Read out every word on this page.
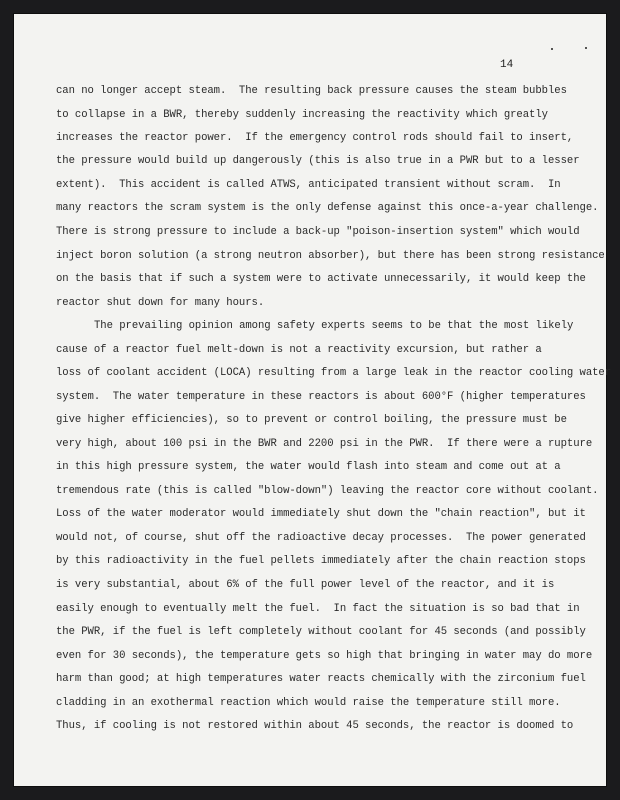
14
can no longer accept steam.  The resulting back pressure causes the steam bubbles
to collapse in a BWR, thereby suddenly increasing the reactivity which greatly
increases the reactor power.  If the emergency control rods should fail to insert,
the pressure would build up dangerously (this is also true in a PWR but to a lesser
extent).  This accident is called ATWS, anticipated transient without scram.  In
many reactors the scram system is the only defense against this once-a-year challenge.
There is strong pressure to include a back-up "poison-insertion system" which would
inject boron solution (a strong neutron absorber), but there has been strong resistance
on the basis that if such a system were to activate unnecessarily, it would keep the
reactor shut down for many hours.
The prevailing opinion among safety experts seems to be that the most likely
cause of a reactor fuel melt-down is not a reactivity excursion, but rather a
loss of coolant accident (LOCA) resulting from a large leak in the reactor cooling water
system.  The water temperature in these reactors is about 600°F (higher temperatures
give higher efficiencies), so to prevent or control boiling, the pressure must be
very high, about 100 psi in the BWR and 2200 psi in the PWR.  If there were a rupture
in this high pressure system, the water would flash into steam and come out at a
tremendous rate (this is called "blow-down") leaving the reactor core without coolant.
Loss of the water moderator would immediately shut down the "chain reaction", but it
would not, of course, shut off the radioactive decay processes.  The power generated
by this radioactivity in the fuel pellets immediately after the chain reaction stops
is very substantial, about 6% of the full power level of the reactor, and it is
easily enough to eventually melt the fuel.  In fact the situation is so bad that in
the PWR, if the fuel is left completely without coolant for 45 seconds (and possibly
even for 30 seconds), the temperature gets so high that bringing in water may do more
harm than good; at high temperatures water reacts chemically with the zirconium fuel
cladding in an exothermal reaction which would raise the temperature still more.
Thus, if cooling is not restored within about 45 seconds, the reactor is doomed to
